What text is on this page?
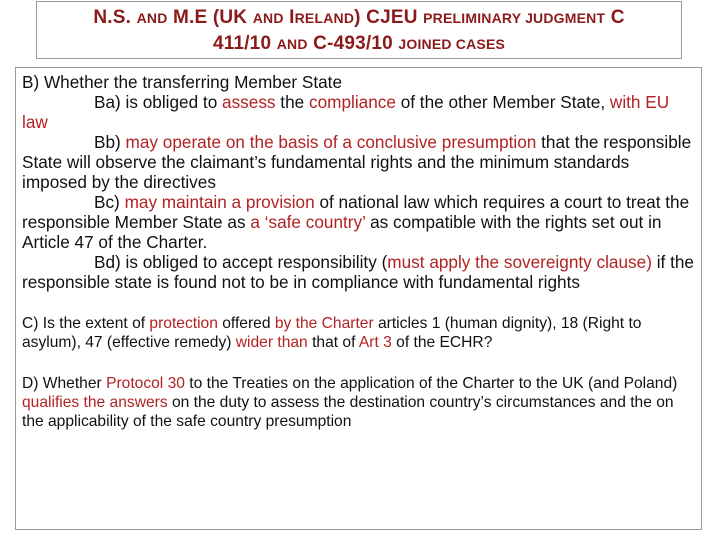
N.S. AND M.E (UK AND IRELAND) CJEU PRELIMINARY JUDGMENT C
411/10 AND C-493/10 JOINED CASES

B) Whether the transferring Member State

Ba) is obliged to assess the compliance of the other Member State, with EU law

Bb) may operate on the basis of a conclusive presumption that the responsible State will observe the claimant’s fundamental rights and the minimum standards imposed by the directives

Bc) may maintain a provision of national law which requires a court to treat the responsible Member State as a ‘safe country’ as compatible with the rights set out in Article 47 of the Charter.

Bd) is obliged to accept responsibility (must apply the sovereignty clause) if the responsible state is found not to be in compliance with fundamental rights

C) Is the extent of protection offered by the Charter articles 1 (human dignity), 18 (Right to asylum), 47 (effective remedy) wider than that of Art 3 of the ECHR?

D) Whether Protocol 30 to the Treaties on the application of the Charter to the UK (and Poland) qualifies the answers on the duty to assess the destination country’s circumstances and the on the applicability of the safe country presumption
